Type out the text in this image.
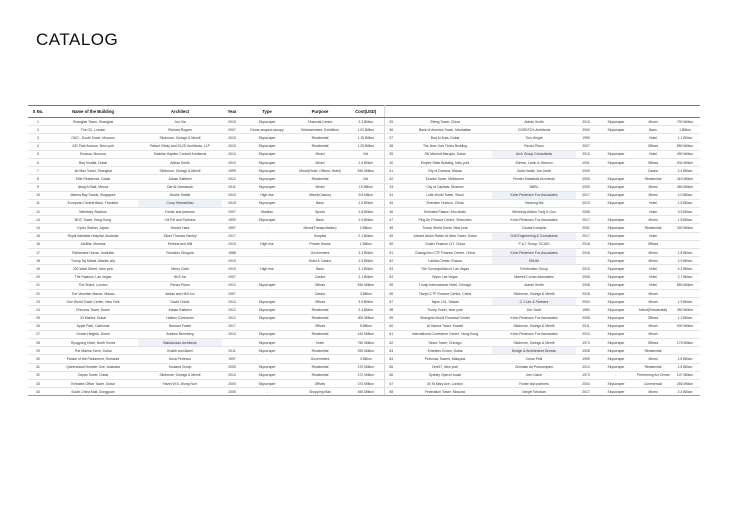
CATALOG
S No.	Name of the Building	Architect	Year	Type	Purpose	Cost(USD)							
1	Shanghai Tower, Shanghai	Jun Xia	2015	Skyscraper	Financial Centre	2.2 Billion	35	Zifeng Tower, China	Adrian Smith	2010	Skyscraper	Mixed	700 Million
2	The O2, London	Richard Rogers	2007	Dome-shaped canopy	Entertainment, Exhibition	1.02 Billion	36	Bank of America Tower, Manhattan	COOKFOX Architects	2009	Skyscraper	Bans	1 Billion
3	OKO - South Tower, Moscow	Skidmore, Owings & Merrill	2015	Skyscraper	Residential	1.15 Billion	37	Burj Al Arab, Dubai	Tom Wright	1999	-	Hotel	1.1 Billion
4	432 Park Avenue, New york	Rafael Viñoly and SLCE Architects, LLP	2015	Skyscraper	Residential	1.25 Billion	38	The New York Times Building	Renzo Piano	2007	-	Offices	850 Million
5	Eurasia, Moscow	Swanke Hayden Connell Architects	2014	Skyscraper	Mixed	NA	39	JW Marriott Marquis, Dubai	Arch Group Consultants	2013	Skyscraper	Hotel	490 Million
6	Burj Khalifa, Dubai	Adrian Smith	2010	Skyscraper	Mixed	1.5 Billion	40	Empire State Building, New york	Shreve, Lamb & Harmon	1931	Skyscraper	Offices	534 Million
7	Jin Mao Tower, Shanghai	Skidmore, Owings & Merrill	1999	Skyscraper	Mixed(Hotel, Offices, Hotel)	530 Million	41	City of Dreams, Macau	Zaha Hadid, Jon Jerde	2009	-	Casino	2.4 Billion
8	Elite Residence, Dubai	Adnan Saffarini	2012	Skyscraper	Residential	NA	42	Eureka Tower, Melbourne	Fender Katsalidis Architects	2006	Skyscraper	Residential	415 Million
9	Abraj Al Bait, Mecca	Dar Al-Handasah	2011	Skyscraper	Mixed	15 Billion	43	City of Capitals, Moscow	NBBJ	2009	Skyscraper	Mixed	450 Million
10	Marina Bay Sands, Singapore	Moshe Safdie	2010	High rise	Mixed(Casino)	5.5 billion	44	Lotte World Tower, Seoul	Kohn Pedersen Fox Associates	2017	Skyscraper	Mixed	4.0 Billion
11	European Central Bank, Frankfurt	Coop Himmelblau	2015	Skyscraper	Bank	1.6 Billion	45	Sheraton Huzhou, China	Yansong Ma	2013	Skyscraper	Hotel	1.5 Billion
12	Wembley Stadium	Foster and partners	2007	Stadium	Sports	1.8 Billion	46	Emirates Palace, Abu dhabi	Wimberly Allison Tong & Goo	2005	-	Hotel	3.9 Billion
13	BOC Tower, Hong Kong	I.M.Pei and Partners	1990	Skyscraper	Bank	1.9 Billion	47	Ping An Finance Centre, Shenzhen	Kohn Pedersen Fox Associates	2017	Skyscraper	Mixed	1.5 Billion
14	Kyoto Station, Japan	Hiroshi Hara	1997	-	Mixed(Transportation)	2 Billion	48	Trump World Tower, New york	Costas Kondylis	2001	Skyscraper	Residential	300 Million
15	Royal Adelaide Hospital, Australia	Silver Thomas Hanley	2017	-	Hospital	2.1 Billion	49	Ahmed Abdul Rahim Al Attar Tower, Dubai	Gulf Engineering & Consultants	2017	Skyscraper	Hotel	
16	ArkBits, Mumbai	Perkins and Will	2010	High rise	Private House	1 Billion	50	Goldin Finance 117, China	P & T Group. ECADI	2018	Skyscraper	Offices	
17	Parliament House, Australia	Romaldo Giurgola	1988	-	Government	2.3 Billion	51	Guangzhou CTF Finance Centre, China	Kohn Pedersen Fox Associates	2016	Skyscraper	Mixed	1.8 Billion
18	Trump Taj Mahal, Atlantic city		2010	-	Hotel & Casino	1.5 Billion	52	Lakhta Center, Russia	RMJM		Skyscraper	Mixed	2.9 Billion
19	200 West Street, New york	Henry Cobb	2010	High rise	Bank	2.1 Billion	53	The Cosmopolitan of Las Vegas	Friedmutter Group	2010	Skyscraper	Hotel	4.2 Billion
20	The Palazzo, Las Vegas	HKS Inc	2007	-	Casino	2.1 Billion	54	Wynn Las Vegas	Marnell Corrao Associates	2005	Skyscraper	Hotel	2.7 Billion
21	The Shard, London	Renzo Piano	2012	Skyscraper	Offices	530 Million	55	Trump International Hotel, Chicago	Adrian Smith	2008	Skyscraper	Hotel	850 Million
22	The Venetian Macao, Macao	Aedas and HKS Inc	2007	-	Casino	3 Billion	56	Tianjin CTF Finance Centre, China	Skidmore, Owings & Merrill	2018	Skyscraper	Mixed	
23	One World Trade Center, New York	David Childs	2013	Skyscraper	Offices	3.9 Billion	57	Taipei 101, Taiwan	C.Y.Lee & Partners	2004	Skyscraper	Mixed	1.9 Billion
24	Princess Tower, Dubai	Adnan Saffarini	2012	Skyscraper	Residential	2.4 Billion	58	Trump Tower, New york	Der Scutt	1983	Skyscraper	Mixed(Residential)	350 Million
25	23 Marina, Dubai	Hafeez Contractor	2012	Skyscraper	Residential	300 Million	59	Shanghai World Financial Center	Kohn Pedersen Fox Associates	2008	Skyscraper	Offices	1.2 Billion
26	Apple Park, California	Norman Foster	2017	-	Offices	5 Billion	60	Al Hamra Tower, Kuwait	Skidmore, Owings & Merrill	2011	Skyscraper	Mixed	500 Million
27	Ocean Heights, Dubai	Andrew Bromberg	2010	Skyscraper	Residential	410 Million	61	International Commerce Centre, Hong Kong	Kohn Pedersen Fox Associates	2010	Skyscraper	Mixed	
28	Ryugyong Hotel, North Korea	Baikdoosan Architects		Skyscraper	Hotel	760 Million	62	Sears Tower, Chicago	Skidmore, Owings & Merrill	1973	Skyscraper	Offices	175 Million
29	The Marina Torch, Dubai	Khatib and Alami	2011	Skyscraper	Residential	290 Million	63	Emirates Crown, Dubai	Design & Architecture Bureau	2008	Skyscraper	Residential	
30	Palace of the Parliament, Romania	Anca Petrescu	1997	-	Government	4 Billion	64	Petronas Towers, Malaysia	Cesar Pelli	1999	Skyscraper	Mixed	1.6 Billion
31	Queensland Number One, Australia	Sunland Group	2005	Skyscraper	Residential	270 Million	65	One57, New york	Christian de Portzamparc	2014	Skyscraper	Residential	1.5 Billion
32	Cayan Tower, Dubai	Skidmore, Owings & Merrill	2013	Skyscraper	Residential	272 Million	66	Sydney Opera House	Jorn Utzon	1973	-	Performing Art Centre	107 Million
33	Emirates Office Tower, Dubai	Hazel W.S. Wong Norr	2000	Skyscraper	Offices	370 Million	67	30 St Mary Axe, London	Foster and partners	2004	Skyscraper	Commercial	265 Million
34	South China Mall, Dongguan	-	2005	-	Shopping Mall	450 Million	68	Federation Tower, Moscow	Sergei Tchoban	2017	Skyscraper	Mixed	2.4 Billion
